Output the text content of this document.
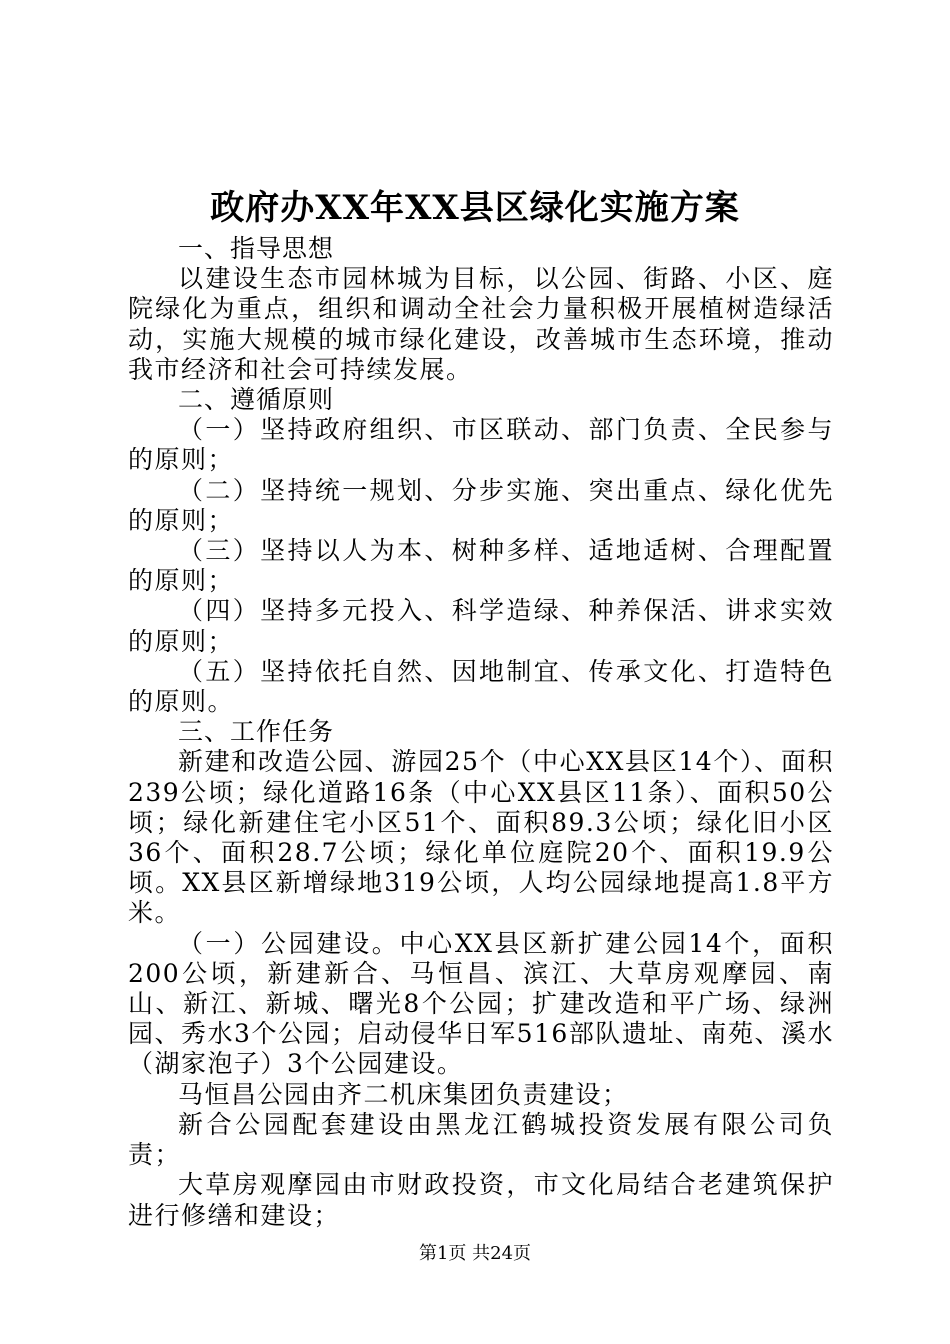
政府办XX年XX县区绿化实施方案

一、指导思想

以建设生态市园林城为目标，以公园、街路、小区、庭院绿化为重点，组织和调动全社会力量积极开展植树造绿活动，实施大规模的城市绿化建设，改善城市生态环境，推动我市经济和社会可持续发展。

二、遵循原则

（一）坚持政府组织、市区联动、部门负责、全民参与的原则；

（二）坚持统一规划、分步实施、突出重点、绿化优先的原则；

（三）坚持以人为本、树种多样、适地适树、合理配置的原则；

（四）坚持多元投入、科学造绿、种养保活、讲求实效的原则；

（五）坚持依托自然、因地制宜、传承文化、打造特色的原则。

三、工作任务

新建和改造公园、游园25个（中心XX县区14个）、面积239公顷；绿化道路16条（中心XX县区11条）、面积50公顷；绿化新建住宅小区51个、面积89.3公顷；绿化旧小区36个、面积28.7公顷；绿化单位庭院20个、面积19.9公顷。XX县区新增绿地319公顷，人均公园绿地提高1.8平方米。

（一）公园建设。中心XX县区新扩建公园14个，面积200公顷，新建新合、马恒昌、滨江、大草房观摩园、南山、新江、新城、曙光8个公园；扩建改造和平广场、绿洲园、秀水3个公园；启动侵华日军516部队遗址、南苑、溪水（湖家泡子）3个公园建设。

马恒昌公园由齐二机床集团负责建设；

新合公园配套建设由黑龙江鹤城投资发展有限公司负责；

大草房观摩园由市财政投资，市文化局结合老建筑保护进行修缮和建设；

第1页 共24页
